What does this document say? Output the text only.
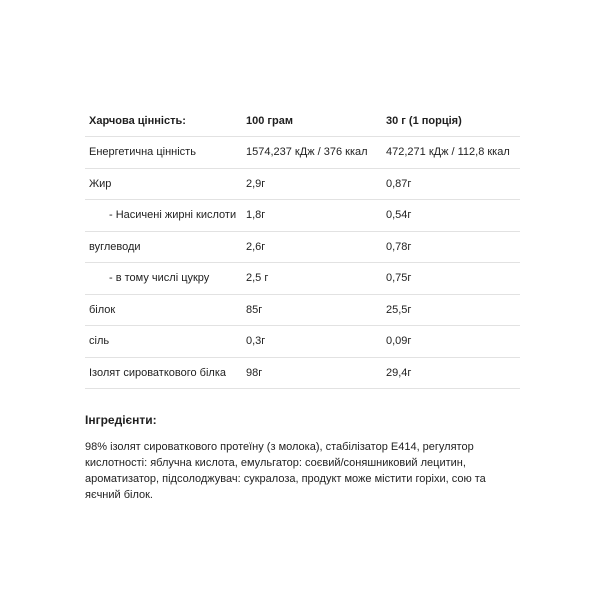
Харчова цінність:	100 грам	30 г (1 порція)
Енергетична цінність	1574,237 кДж / 376 ккал	472,271 кДж / 112,8 ккал
Жир	2,9г	0,87г
- Насичені жирні кислоти	1,8г	0,54г
вуглеводи	2,6г	0,78г
- в тому числі цукру	2,5 г	0,75г
білок	85г	25,5г
сіль	0,3г	0,09г
Ізолят сироваткового білка	98г	29,4г
Інгредієнти:
98% ізолят сироваткового протеїну (з молока), стабілізатор Е414, регулятор кислотності: яблучна кислота, емульгатор: соєвий/соняшниковий лецитин, ароматизатор, підсолоджувач: сукралоза, продукт може містити горіхи, сою та яєчний білок.
